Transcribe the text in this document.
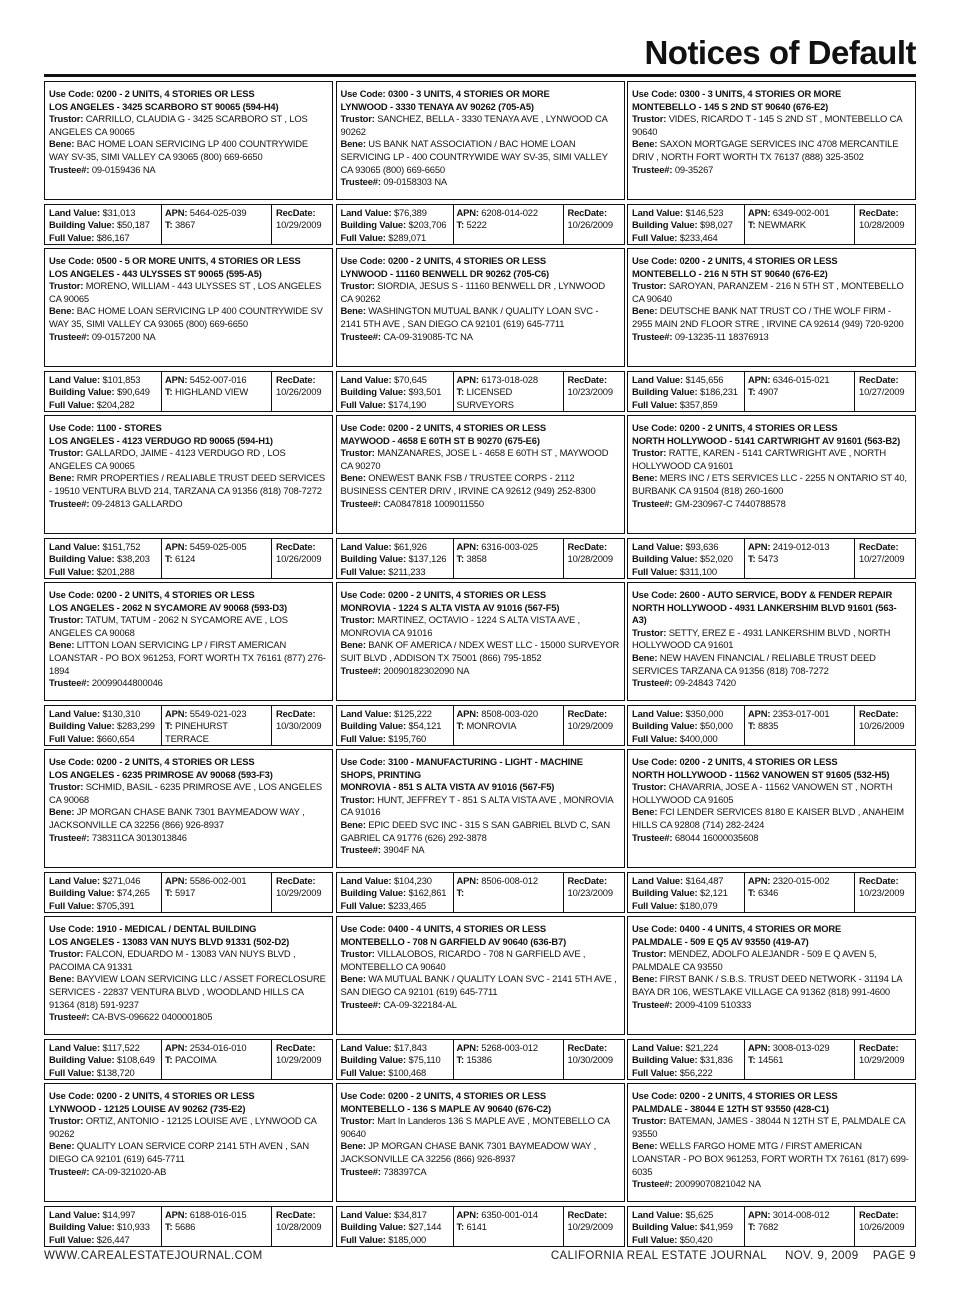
Notices of Default
Use Code: 0200 - 2 UNITS, 4 STORIES OR LESS
LOS ANGELES - 3425 SCARBORO ST 90065 (594-H4)
Trustor: CARRILLO, CLAUDIA G - 3425 SCARBORO ST , LOS ANGELES CA 90065
Bene: BAC HOME LOAN SERVICING LP 400 COUNTRYWIDE WAY SV-35, SIMI VALLEY CA 93065 (800) 669-6650
Trustee#: 09-0159436 NA
Land Value: $31,013
Building Value: $50,187
Full Value: $86,167
APN: 5464-025-039
T: 3867
RecDate:
10/29/2009
Use Code: 0300 - 3 UNITS, 4 STORIES OR MORE
LYNWOOD - 3330 TENAYA AV 90262 (705-A5)
Trustor: SANCHEZ, BELLA - 3330 TENAYA AVE , LYNWOOD CA 90262
Bene: US BANK NAT ASSOCIATION / BAC HOME LOAN SERVICING LP - 400 COUNTRYWIDE WAY SV-35, SIMI VALLEY CA 93065 (800) 669-6650
Trustee#: 09-0158303 NA
Land Value: $76,389
Building Value: $203,706
Full Value: $289,071
APN: 6208-014-022
T: 5222
RecDate:
10/26/2009
Use Code: 0300 - 3 UNITS, 4 STORIES OR MORE
MONTEBELLO - 145 S 2ND ST 90640 (676-E2)
Trustor: VIDES, RICARDO T - 145 S 2ND ST , MONTEBELLO CA 90640
Bene: SAXON MORTGAGE SERVICES INC 4708 MERCANTILE DRIV , NORTH FORT WORTH TX 76137 (888) 325-3502
Trustee#: 09-35267
Land Value: $146,523
Building Value: $98,027
Full Value: $233,464
APN: 6349-002-001
T: NEWMARK
RecDate:
10/28/2009
Use Code: 0500 - 5 OR MORE UNITS, 4 STORIES OR LESS
LOS ANGELES - 443 ULYSSES ST 90065 (595-A5)
Trustor: MORENO, WILLIAM - 443 ULYSSES ST , LOS ANGELES CA 90065
Bene: BAC HOME LOAN SERVICING LP 400 COUNTRYWIDE SV WAY 35, SIMI VALLEY CA 93065 (800) 669-6650
Trustee#: 09-0157200 NA
Land Value: $101,853
Building Value: $90,649
Full Value: $204,282
APN: 5452-007-016
T: HIGHLAND VIEW
RecDate:
10/26/2009
Use Code: 0200 - 2 UNITS, 4 STORIES OR LESS
LYNWOOD - 11160 BENWELL DR 90262 (705-C6)
Trustor: SIORDIA, JESUS S - 11160 BENWELL DR , LYNWOOD CA 90262
Bene: WASHINGTON MUTUAL BANK / QUALITY LOAN SVC - 2141 5TH AVE , SAN DIEGO CA 92101 (619) 645-7711
Trustee#: CA-09-319085-TC NA
Land Value: $70,645
Building Value: $93,501
Full Value: $174,190
APN: 6173-018-028
T: LICENSED SURVEYORS
RecDate:
10/23/2009
Use Code: 0200 - 2 UNITS, 4 STORIES OR LESS
MONTEBELLO - 216 N 5TH ST 90640 (676-E2)
Trustor: SAROYAN, PARANZEM - 216 N 5TH ST , MONTEBELLO CA 90640
Bene: DEUTSCHE BANK NAT TRUST CO / THE WOLF FIRM - 2955 MAIN 2ND FLOOR STRE , IRVINE CA 92614 (949) 720-9200
Trustee#: 09-13235-11 18376913
Land Value: $145,656
Building Value: $186,231
Full Value: $357,859
APN: 6346-015-021
T: 4907
RecDate:
10/27/2009
Use Code: 1100 - STORES
LOS ANGELES - 4123 VERDUGO RD 90065 (594-H1)
Trustor: GALLARDO, JAIME - 4123 VERDUGO RD , LOS ANGELES CA 90065
Bene: RMR PROPERTIES / REALIABLE TRUST DEED SERVICES - 19510 VENTURA BLVD 214, TARZANA CA 91356 (818) 708-7272
Trustee#: 09-24813 GALLARDO
Land Value: $151,752
Building Value: $38,203
Full Value: $201,288
APN: 5459-025-005
T: 6124
RecDate:
10/26/2009
Use Code: 0200 - 2 UNITS, 4 STORIES OR LESS
MAYWOOD - 4658 E 60TH ST B 90270 (675-E6)
Trustor: MANZANARES, JOSE L - 4658 E 60TH ST , MAYWOOD CA 90270
Bene: ONEWEST BANK FSB / TRUSTEE CORPS - 2112 BUSINESS CENTER DRIV , IRVINE CA 92612 (949) 252-8300
Trustee#: CA0847818 1009011550
Land Value: $61,926
Building Value: $137,126
Full Value: $211,233
APN: 6316-003-025
T: 3858
RecDate:
10/28/2009
Use Code: 0200 - 2 UNITS, 4 STORIES OR LESS
NORTH HOLLYWOOD - 5141 CARTWRIGHT AV 91601 (563-B2)
Trustor: RATTE, KAREN - 5141 CARTWRIGHT AVE , NORTH HOLLYWOOD CA 91601
Bene: MERS INC / ETS SERVICES LLC - 2255 N ONTARIO ST 40, BURBANK CA 91504 (818) 260-1600
Trustee#: GM-230967-C 7440788578
Land Value: $93,636
Building Value: $52,020
Full Value: $311,100
APN: 2419-012-013
T: 5473
RecDate:
10/27/2009
Use Code: 0200 - 2 UNITS, 4 STORIES OR LESS
LOS ANGELES - 2062 N SYCAMORE AV 90068 (593-D3)
Trustor: TATUM, TATUM - 2062 N SYCAMORE AVE , LOS ANGELES CA 90068
Bene: LITTON LOAN SERVICING LP / FIRST AMERICAN LOANSTAR - PO BOX 961253, FORT WORTH TX 76161 (877) 276-1894
Trustee#: 20099044800046
Land Value: $130,310
Building Value: $283,299
Full Value: $660,654
APN: 5549-021-023
T: PINEHURST TERRACE
RecDate:
10/30/2009
Use Code: 0200 - 2 UNITS, 4 STORIES OR LESS
MONROVIA - 1224 S ALTA VISTA AV 91016 (567-F5)
Trustor: MARTINEZ, OCTAVIO - 1224 S ALTA VISTA AVE , MONROVIA CA 91016
Bene: BANK OF AMERICA / NDEX WEST LLC - 15000 SURVEYOR SUIT BLVD , ADDISON TX 75001 (866) 795-1852
Trustee#: 20090182302090 NA
Land Value: $125,222
Building Value: $54,121
Full Value: $195,760
APN: 8508-003-020
T: MONROVIA
RecDate:
10/29/2009
Use Code: 2600 - AUTO SERVICE, BODY & FENDER REPAIR
NORTH HOLLYWOOD - 4931 LANKERSHIM BLVD 91601 (563-A3)
Trustor: SETTY, EREZ E - 4931 LANKERSHIM BLVD , NORTH HOLLYWOOD CA 91601
Bene: NEW HAVEN FINANCIAL / RELIABLE TRUST DEED SERVICES TARZANA CA 91356 (818) 708-7272
Trustee#: 09-24843 7420
Land Value: $350,000
Building Value: $50,000
Full Value: $400,000
APN: 2353-017-001
T: 8835
RecDate:
10/26/2009
Use Code: 0200 - 2 UNITS, 4 STORIES OR LESS
LOS ANGELES - 6235 PRIMROSE AV 90068 (593-F3)
Trustor: SCHMID, BASIL - 6235 PRIMROSE AVE , LOS ANGELES CA 90068
Bene: JP MORGAN CHASE BANK 7301 BAYMEADOW WAY , JACKSONVILLE CA 32256 (866) 926-8937
Trustee#: 738311CA 3013013846
Land Value: $271,046
Building Value: $74,265
Full Value: $705,391
APN: 5586-002-001
T: 5917
RecDate:
10/29/2009
Use Code: 3100 - MANUFACTURING - LIGHT - MACHINE SHOPS, PRINTING
MONROVIA - 851 S ALTA VISTA AV 91016 (567-F5)
Trustor: HUNT, JEFFREY T - 851 S ALTA VISTA AVE , MONROVIA CA 91016
Bene: EPIC DEED SVC INC - 315 S SAN GABRIEL BLVD C, SAN GABRIEL CA 91776 (626) 292-3878
Trustee#: 3904F NA
Land Value: $104,230
Building Value: $162,861
Full Value: $233,465
APN: 8506-008-012
T:
RecDate:
10/23/2009
Use Code: 0200 - 2 UNITS, 4 STORIES OR LESS
NORTH HOLLYWOOD - 11562 VANOWEN ST 91605 (532-H5)
Trustor: CHAVARRIA, JOSE A - 11562 VANOWEN ST , NORTH HOLLYWOOD CA 91605
Bene: FCI LENDER SERVICES 8180 E KAISER BLVD , ANAHEIM HILLS CA 92808 (714) 282-2424
Trustee#: 68044 16000035608
Land Value: $164,487
Building Value: $2,121
Full Value: $180,079
APN: 2320-015-002
T: 6346
RecDate:
10/23/2009
Use Code: 1910 - MEDICAL / DENTAL BUILDING
LOS ANGELES - 13083 VAN NUYS BLVD 91331 (502-D2)
Trustor: FALCON, EDUARDO M - 13083 VAN NUYS BLVD , PACOIMA CA 91331
Bene: BAYVIEW LOAN SERVICING LLC / ASSET FORECLOSURE SERVICES - 22837 VENTURA BLVD , WOODLAND HILLS CA 91364 (818) 591-9237
Trustee#: CA-BVS-096622 0400001805
Land Value: $117,522
Building Value: $108,649
Full Value: $138,720
APN: 2534-016-010
T: PACOIMA
RecDate:
10/29/2009
Use Code: 0400 - 4 UNITS, 4 STORIES OR LESS
MONTEBELLO - 708 N GARFIELD AV 90640 (636-B7)
Trustor: VILLALOBOS, RICARDO - 708 N GARFIELD AVE , MONTEBELLO CA 90640
Bene: WA MUTUAL BANK / QUALITY LOAN SVC - 2141 5TH AVE , SAN DIEGO CA 92101 (619) 645-7711
Trustee#: CA-09-322184-AL
Land Value: $17,843
Building Value: $75,110
Full Value: $100,468
APN: 5268-003-012
T: 15386
RecDate:
10/30/2009
Use Code: 0400 - 4 UNITS, 4 STORIES OR MORE
PALMDALE - 509 E Q5 AV 93550 (419-A7)
Trustor: MENDEZ, ADOLFO ALEJANDR - 509 E Q AVEN 5, PALMDALE CA 93550
Bene: FIRST BANK / S.B.S. TRUST DEED NETWORK - 31194 LA BAYA DR 106, WESTLAKE VILLAGE CA 91362 (818) 991-4600
Trustee#: 2009-4109 510333
Land Value: $21,224
Building Value: $31,836
Full Value: $56,222
APN: 3008-013-029
T: 14561
RecDate:
10/29/2009
Use Code: 0200 - 2 UNITS, 4 STORIES OR LESS
LYNWOOD - 12125 LOUISE AV 90262 (735-E2)
Trustor: ORTIZ, ANTONIO - 12125 LOUISE AVE , LYNWOOD CA 90262
Bene: QUALITY LOAN SERVICE CORP 2141 5TH AVEN , SAN DIEGO CA 92101 (619) 645-7711
Trustee#: CA-09-321020-AB
Land Value: $14,997
Building Value: $10,933
Full Value: $26,447
APN: 6188-016-015
T: 5686
RecDate:
10/28/2009
Use Code: 0200 - 2 UNITS, 4 STORIES OR LESS
MONTEBELLO - 136 S MAPLE AV 90640 (676-C2)
Trustor: Mart In Landeros 136 S MAPLE AVE , MONTEBELLO CA 90640
Bene: JP MORGAN CHASE BANK 7301 BAYMEADOW WAY , JACKSONVILLE CA 32256 (866) 926-8937
Trustee#: 738397CA
Land Value: $34,817
Building Value: $27,144
Full Value: $185,000
APN: 6350-001-014
T: 6141
RecDate:
10/29/2009
Use Code: 0200 - 2 UNITS, 4 STORIES OR LESS
PALMDALE - 38044 E 12TH ST 93550 (428-C1)
Trustor: BATEMAN, JAMES - 38044 N 12TH ST E, PALMDALE CA 93550
Bene: WELLS FARGO HOME MTG / FIRST AMERICAN LOANSTAR - PO BOX 961253, FORT WORTH TX 76161 (817) 699-6035
Trustee#: 20099070821042 NA
Land Value: $5,625
Building Value: $41,959
Full Value: $50,420
APN: 3014-008-012
T: 7682
RecDate:
10/26/2009
WWW.CAREALESTATEJOURNAL.COM	CALIFORNIA REAL ESTATE JOURNAL NOV. 9, 2009 PAGE 9
